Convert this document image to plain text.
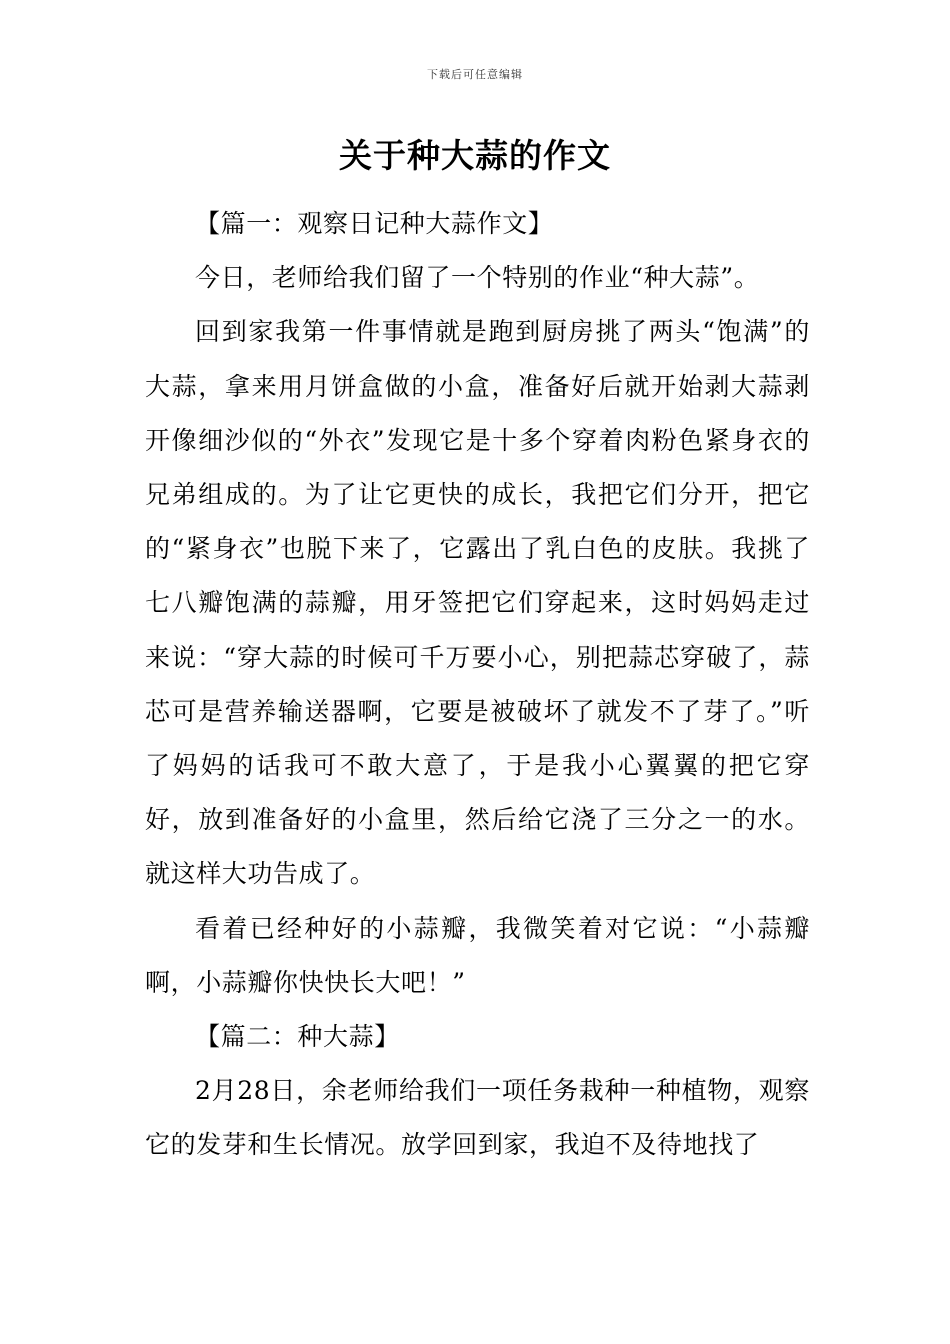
下载后可任意编辑
关于种大蒜的作文

【篇一：观察日记种大蒜作文】

今日，老师给我们留了一个特别的作业“种大蒜”。

回到家我第一件事情就是跑到厨房挑了两头“饱满”的大蒜，拿来用月饼盒做的小盒，准备好后就开始剥大蒜剥开像细沙似的“外衣”发现它是十多个穿着肉粉色紧身衣的兄弟组成的。为了让它更快的成长，我把它们分开，把它的“紧身衣”也脱下来了，它露出了乳白色的皮肤。我挑了七八瓣饱满的蒜瓣，用牙签把它们穿起来，这时妈妈走过来说：“穿大蒜的时候可千万要小心，别把蒜芯穿破了，蒜芯可是营养输送器啊，它要是被破坏了就发不了芽了。”听了妈妈的话我可不敢大意了，于是我小心翼翼的把它穿好，放到准备好的小盒里，然后给它浇了三分之一的水。就这样大功告成了。

看着已经种好的小蒜瓣，我微笑着对它说：“小蒜瓣啊，小蒜瓣你快快长大吧！”

【篇二：种大蒜】

2月28日，余老师给我们一项任务栽种一种植物，观察它的发芽和生长情况。放学回到家，我迫不及待地找了
